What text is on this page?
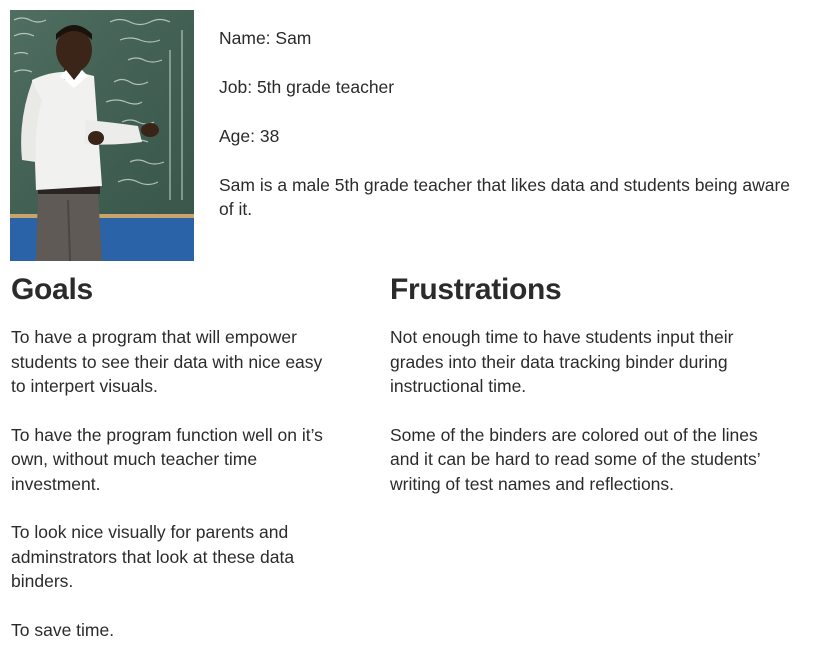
Name: Sam

Job: 5th grade teacher

Age: 38

Sam is a male 5th grade teacher that likes data and students being aware of it.

Goals

To have a program that will empower students to see their data with nice easy to interpert visuals.

To have the program function well on it’s own, without much teacher time investment.

To look nice visually for parents and adminstrators that look at these data binders.

To save time.

Frustrations

Not enough time to have students input their grades into their data tracking binder during instructional time.

Some of the binders are colored out of the lines and it can be hard to read some of the students’ writing of test names and reflections.
